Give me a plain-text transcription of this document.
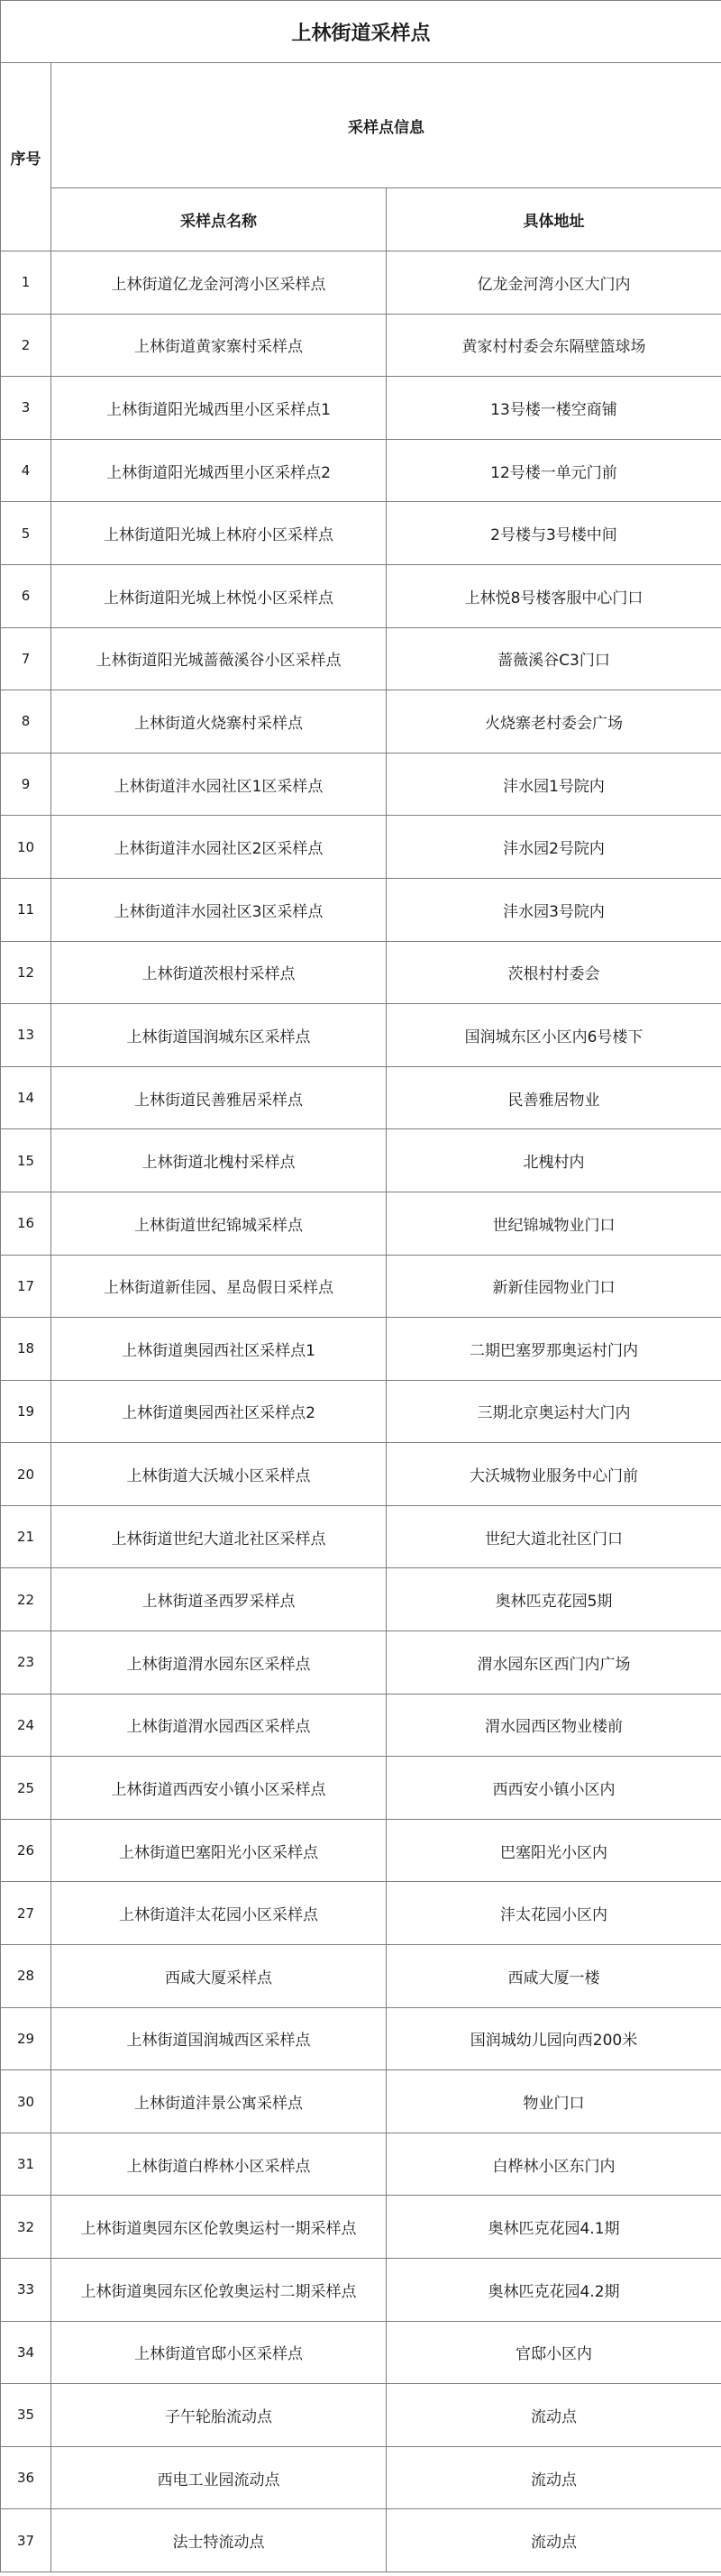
上林街道采样点		
序号	采样点信息	
	采样点名称	具体地址
1	上林街道亿龙金河湾小区采样点	亿龙金河湾小区大门内
2	上林街道黄家寨村采样点	黄家村村委会东隔壁篮球场
3	上林街道阳光城西里小区采样点1	13号楼一楼空商铺
4	上林街道阳光城西里小区采样点2	12号楼一单元门前
5	上林街道阳光城上林府小区采样点	2号楼与3号楼中间
6	上林街道阳光城上林悦小区采样点	上林悦8号楼客服中心门口
7	上林街道阳光城蔷薇溪谷小区采样点	蔷薇溪谷C3门口
8	上林街道火烧寨村采样点	火烧寨老村委会广场
9	上林街道沣水园社区1区采样点	沣水园1号院内
10	上林街道沣水园社区2区采样点	沣水园2号院内
11	上林街道沣水园社区3区采样点	沣水园3号院内
12	上林街道茨根村采样点	茨根村村委会
13	上林街道国润城东区采样点	国润城东区小区内6号楼下
14	上林街道民善雅居采样点	民善雅居物业
15	上林街道北槐村采样点	北槐村内
16	上林街道世纪锦城采样点	世纪锦城物业门口
17	上林街道新佳园、星岛假日采样点	新新佳园物业门口
18	上林街道奥园西社区采样点1	二期巴塞罗那奥运村门内
19	上林街道奥园西社区采样点2	三期北京奥运村大门内
20	上林街道大沃城小区采样点	大沃城物业服务中心门前
21	上林街道世纪大道北社区采样点	世纪大道北社区门口
22	上林街道圣西罗采样点	奥林匹克花园5期
23	上林街道渭水园东区采样点	渭水园东区西门内广场
24	上林街道渭水园西区采样点	渭水园西区物业楼前
25	上林街道西西安小镇小区采样点	西西安小镇小区内
26	上林街道巴塞阳光小区采样点	巴塞阳光小区内
27	上林街道沣太花园小区采样点	沣太花园小区内
28	西咸大厦采样点	西咸大厦一楼
29	上林街道国润城西区采样点	国润城幼儿园向西200米
30	上林街道沣景公寓采样点	物业门口
31	上林街道白桦林小区采样点	白桦林小区东门内
32	上林街道奥园东区伦敦奥运村一期采样点	奥林匹克花园4.1期
33	上林街道奥园东区伦敦奥运村二期采样点	奥林匹克花园4.2期
34	上林街道官邸小区采样点	官邸小区内
35	子午轮胎流动点	流动点
36	西电工业园流动点	流动点
37	法士特流动点	流动点
